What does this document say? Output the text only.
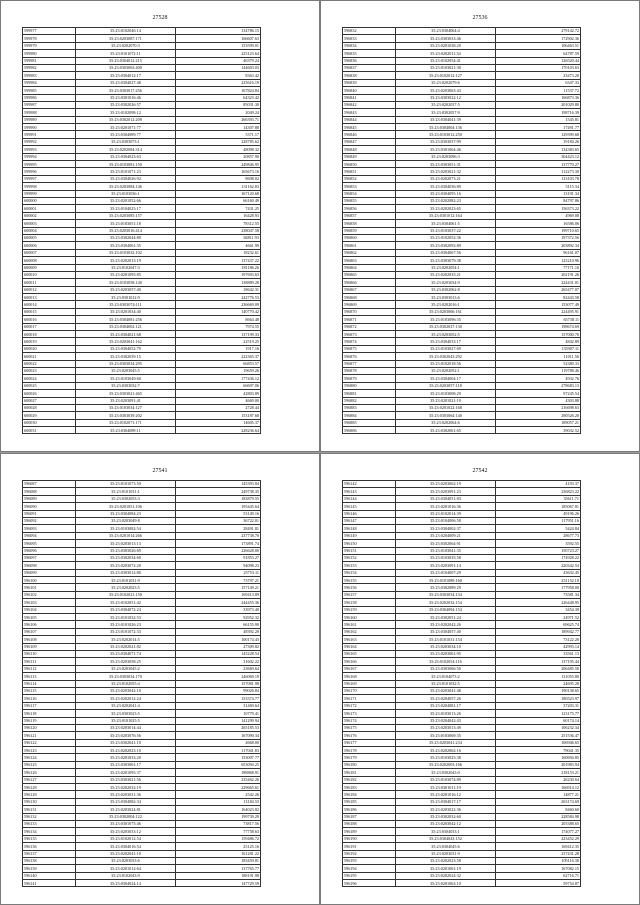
27528
599977	35:23:0102046:14	134786.15
599978	35:23:0203087:171	166607.63
599979	35:23:0202070:3	153599.01
599980	35:23:0101072:11	225123.64
599981	35:23:0304012:215	46379.24
599982	35:23:0303063:400	144603.03
599983	35:23:0304012:17	8363.42
599984	35:23:0304027:48	225616.19
599985	35:23:0303017:256	167824.84
599986	35:23:0301016:46	64323.42
599987	35:23:0302026:57	85031.30
599988	35:23:0102098:12	2049.24
599989	35:23:0302012:209	266393.71
599990	35:23:0201071:77	14307.88
599991	35:23:0304089:77	5371.17
599992	35:23:0303073:1	228785.62
599993	35:23:0202084:314	48098.32
599994	35:23:0304023:63	20857.90
599995	35:23:0103081:150	249846.95
599996	35:23:0101071:23	165673.16
599997	35:23:0304026:92	8698.02
599998	35:23:0203084:146	131162.83
599999	35:23:0103036:1	167120.68
600000	35:23:0201052:66	66160.49
600001	35:23:0104025:17	7431.25
600002	35:23:0203085:157	16428.93
600003	35:23:0103051:18	78312.55
600004	35:23:0203016:414	238047.58
600005	35:23:0302044:80	84811.93
600006	35:23:0304061:35	4661.99
600007	35:23:0103032:102	18232.61
600008	35:23:0202013:19	137437.22
600009	35:23:0102047:3	181186.26
600010	35:23:0201095:85	197693.63
600011	35:23:0103058:140	138889.28
600012	35:23:0203057:40	18642.31
600013	35:23:0301012:9	242776.53
600014	35:23:0303074:111	236669.09
600015	35:23:0201034:40	140770.42
600016	35:23:0304081:256	8664.48
600017	35:23:0304002:121	7974.55
600018	35:23:0304021:68	137199.33
600019	35:23:0203041:162	22519.25
600020	35:23:0304052:79	1917.16
600021	35:23:0302039:15	222365.37
600022	35:23:0303034:295	66853.57
600023	35:23:0203045:5	19659.26
600024	35:23:0103049:60	177436.12
600025	35:23:0303032:7	66697.06
600026	35:23:0303021:465	42803.89
600027	35:23:0203091:41	4669.00
600028	35:23:0103034:127	2728.44
600029	35:23:0303039:202	153187.68
600030	35:23:0102071:171	14605.37
600031	35:23:0304089:11	228236.64
27536
596832	35:23:0304064:4	279142.72
596833	35:23:0303033:46	172902.36
596834	35:23:0201038:20	106463.51
596835	35:23:0202011:34	64787.59
596836	35:23:0102054:41	126520.44
596837	35:23:0103021:30	170103.63
596838	35:23:0102012:127	23473.20
596839	35:23:0202079:6	6347.33
596840	35:23:0203063:43	11537.72
596841	35:23:0303022:12	166873.36
596842	35:23:0202037:5	201029.80
596843	35:23:0302057:9	198716.39
596844	35:23:0304041:39	1545.81
596845	35:23:0304004:136	17491.77
596846	35:23:0103012:250	129399.68
596847	35:23:0303037:99	19184.26
596848	35:23:0301064:46	134383.65
596849	35:23:0203096:3	304423.12
596850	35:23:0303051:31	137770.27
596851	35:23:0203021:32	112273.30
596852	35:23:0202073:21	113103.78
596853	35:23:0304036:89	5115.34
596854	35:23:0304095:16	13191.34
596855	35:23:0202082:23	84797.86
596856	35:23:0202023:65	156373.22
596857	35:23:0301012:164	4969.08
596858	35:23:0304061:5	16586.06
596859	35:23:0103037:22	199710.65
596860	35:23:0102052:36	197372.56
596861	35:23:0302092:89	203892.34
596862	35:23:0304067:56	96161.07
596863	35:23:0303079:38	125210.96
596864	35:23:0202054:1	77171.10
596865	35:23:0202035:21	202191.26
596866	35:23:0203034:9	224431.01
596867	35:23:0302062:8	265477.07
596868	35:23:0303013:6	82443.58
596869	35:23:0202016:1	153077.49
596870	35:23:0203066:161	224495.91
596871	35:23:0103096:35	65738.11
596872	35:23:0302037:130	198674.69
596873	35:23:0203052:5	157000.70
596874	35:23:0304033:17	4842.89
596875	35:23:0103027:69	135907.11
596876	35:23:0302043:292	11011.56
596877	35:23:0102018:56	52380.33
596878	35:23:0202052:1	119788.46
596879	35:23:0304004:17	4932.76
596880	35:23:0203057:118	278683.13
596881	35:23:0103008:29	97245.54
596882	35:23:0201021:19	4303.88
596883	35:23:0201022:168	216698.63
596884	35:23:0303064:140	290526.20
596885	35:23:0202064:6	189057.21
596886	35:23:0302061:65	39032.52
27541
596087	35:23:0101073:50	145393.84
596088	35:23:0101031:1	249738.35
596089	35:23:0302053:3	183879.55
596090	35:23:0201051:106	195445.64
596091	35:23:0304084:23	53149.16
596092	35:23:0203049:8	36722.01
596093	35:23:0103082:54	28491.81
596094	35:23:0201014:266	237738.70
596095	35:23:0203013:13	173891.74
596096	35:23:0303026:69	226628.00
596097	35:23:0302034:60	91853.27
596098	35:23:0203072:20	94098.23
596099	35:23:0303012:80	23753.11
596100	35:23:0101031:9	73797.21
596101	35:23:0202023:5	157149.21
596102	35:23:0102021:150	169413.89
596103	35:23:0102051:42	244455.36
596104	35:23:0304072:24	33973.40
596105	35:23:0101032:53	92952.32
596106	35:23:0101026:23	66155.90
596107	35:23:0101072:33	48392.20
596108	35:23:0202014:5	100174.43
596109	35:23:0202021:82	27309.82
596110	35:23:0304071:74	145228.54
596111	35:23:0203058:25	31602.22
596112	35:23:0203045:2	23669.64
596113	35:23:0303034:170	246069.19
596114	35:23:0102055:4	157081.98
596115	35:23:0203042:10	99026.84
596116	35:23:0202012:24	153374.77
596117	35:23:0202041:4	31469.64
596118	35:23:0303023:5	10779.41
596119	35:23:0101025:5	141299.94
596120	35:23:0203014:44	265185.53
596121	35:23:0203076:56	167090.34
596122	35:23:0302041:10	4668.00
596123	35:23:0202023:10	117041.83
596124	35:23:0201033:20	153007.77
596125	35:23:0303061:17	653094.25
596126	35:23:0201095:37	188868.91
596127	35:23:0303021:56	235462.26
596128	35:23:0202032:19	229665.61
596129	35:23:0203031:36	2542.26
596130	35:23:0304082:34	13184.53
596131	35:23:0203024:81	164023.82
596132	35:23:0302004:122	199739.29
596133	35:23:0301075:46	73817.56
596134	35:23:0203033:12	77758.63
596135	35:23:0102012:54	159486.72
596136	35:23:0304016:54	25125.16
596137	35:23:0202041:10	161281.22
596138	35:23:0203033:6	183459.81
596139	35:23:0201012:64	137765.77
596140	35:23:0102043:9	188191.98
596141	35:23:0304024:14	147729.59
27542
596142	35:23:0203062:19	4193.37
596143	35:23:0203091:23	236823.22
596144	35:23:0304051:83	35611.71
596145	35:23:0201016:36	185067.81
596146	35:23:0102014:39	49196.26
596147	35:23:0104006:58	117951.16
596148	35:23:0304002:37	5424.84
596149	35:23:0204009:21	28677.73
596150	35:23:0302064:91	3592.55
596151	35:23:0103041:35	150723.27
596152	35:23:0103035:58	174928.22
596153	35:23:0203091:14	220342.54
596154	35:23:0104007:29	43632.45
596155	35:23:0101089:160	251152.10
596156	35:23:0302089:29	177958.00
596157	35:23:0303034:134	73581.34
596158	35:23:0202032:154	226448.95
596159	35:23:0304094:154	3454.39
596160	35:23:0302051:24	24971.52
596161	35:23:0202042:26	69625.74
596162	35:23:0304057:40	189942.77
596163	35:23:0101031:154	73122.20
596164	35:23:0203034:10	42993.14
596165	35:23:0203061:95	33561.13
596166	35:23:0102054:116	137195.44
596167	35:23:0303066:50	206485.50
596168	35:23:0104073:2	131055.80
596169	35:23:0101032:5	24695.28
596170	35:23:0203041:48	190138.65
596171	35:23:0204057:26	180523.97
596172	35:23:0204081:17	37203.31
596173	35:23:0103013:26	123175.77
596174	35:23:0204042:43	60174.14
596175	35:23:0203013:49	106232.34
596176	35:23:0103069:35	251536.47
596177	35:23:0203041:234	106946.65
596178	35:23:0202062:16	79041.35
596179	35:23:0103025:38	160694.85
596180	35:23:0202003:166	201983.94
596181	35:23:0302043:0	218153.21
596182	35:23:0103074:89	26230.64
596183	35:23:0301011:19	166914.12
596184	35:23:0201016:12	14877.21
596185	35:23:0304017:17	263174.69
596186	35:23:0203022:36	8460.60
596187	35:23:0302032:60	228584.98
596188	35:23:0203042:12	205388.65
596189	35:23:0304033:1	174077.27
596190	35:23:0304043:152	223452.29
596191	35:23:0304045:6	169412.35
596192	35:23:0203031:9	237431.28
596193	35:23:0202023:58	105116.30
596194	35:23:0201061:19	167082.15
596195	35:23:0202024:32	62716.71
596196	35:23:0201063:10	59754.87
